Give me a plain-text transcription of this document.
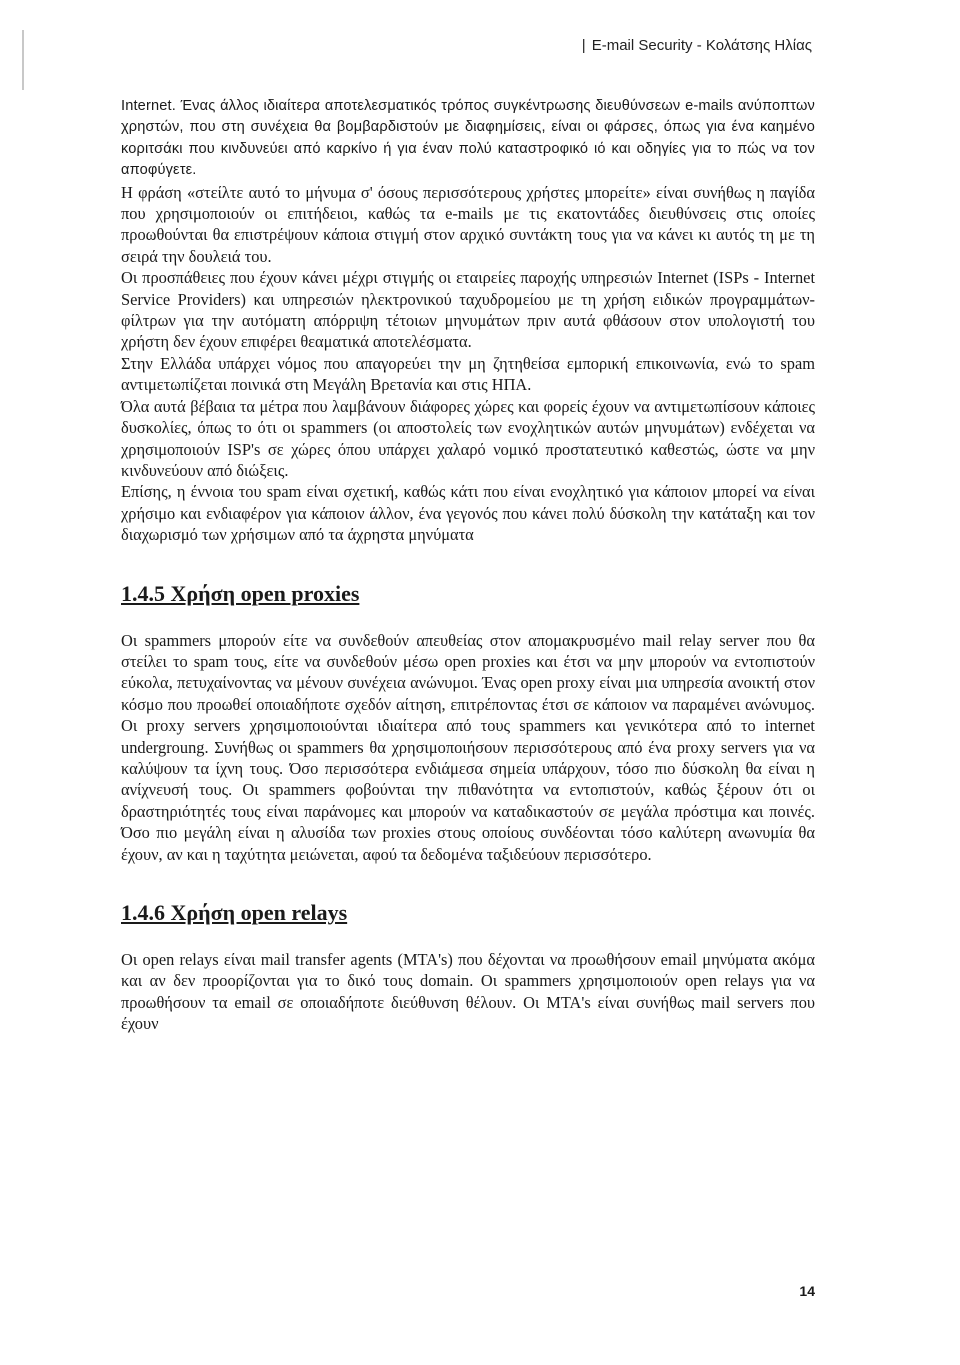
| E-mail Security - Κολάτσης Ηλίας

Internet. Ένας άλλος ιδιαίτερα αποτελεσματικός τρόπος συγκέντρωσης διευθύνσεων e-mails ανύποπτων χρηστών, που στη συνέχεια θα βομβαρδιστούν με διαφημίσεις, είναι οι φάρσες, όπως για ένα καημένο κοριτσάκι που κινδυνεύει από καρκίνο ή για έναν πολύ καταστροφικό ιό και οδηγίες για το πώς να τον αποφύγετε.

Η φράση «στείλτε αυτό το μήνυμα σ' όσους περισσότερους χρήστες μπορείτε» είναι συνήθως η παγίδα που χρησιμοποιούν οι επιτήδειοι, καθώς τα e-mails με τις εκατοντάδες διευθύνσεις στις οποίες προωθούνται θα επιστρέψουν κάποια στιγμή στον αρχικό συντάκτη τους για να κάνει κι αυτός τη με τη σειρά την δουλειά του.

Οι προσπάθειες που έχουν κάνει μέχρι στιγμής οι εταιρείες παροχής υπηρεσιών Internet (ISPs - Internet Service Providers) και υπηρεσιών ηλεκτρονικού ταχυδρομείου με τη χρήση ειδικών προγραμμάτων-φίλτρων για την αυτόματη απόρριψη τέτοιων μηνυμάτων πριν αυτά φθάσουν στον υπολογιστή του χρήστη δεν έχουν επιφέρει θεαματικά αποτελέσματα.

Στην Ελλάδα υπάρχει νόμος που απαγορεύει την μη ζητηθείσα εμπορική επικοινωνία, ενώ το spam αντιμετωπίζεται ποινικά στη Μεγάλη Βρετανία και στις ΗΠΑ.

Όλα αυτά βέβαια τα μέτρα που λαμβάνουν διάφορες χώρες και φορείς έχουν να αντιμετωπίσουν κάποιες δυσκολίες, όπως το ότι οι spammers (οι αποστολείς των ενοχλητικών αυτών μηνυμάτων) ενδέχεται να χρησιμοποιούν ISP's σε χώρες όπου υπάρχει χαλαρό νομικό προστατευτικό καθεστώς, ώστε να μην κινδυνεύουν από διώξεις.

Επίσης, η έννοια του spam είναι σχετική, καθώς κάτι που είναι ενοχλητικό για κάποιον μπορεί να είναι χρήσιμο και ενδιαφέρον για κάποιον άλλον, ένα γεγονός που κάνει πολύ δύσκολη την κατάταξη και τον διαχωρισμό των χρήσιμων από τα άχρηστα μηνύματα

1.4.5 Χρήση open proxies

Οι spammers μπορούν είτε να συνδεθούν απευθείας στον απομακρυσμένο mail relay server που θα στείλει το spam τους, είτε να συνδεθούν μέσω open proxies και έτσι να μην μπορούν να εντοπιστούν εύκολα, πετυχαίνοντας να μένουν συνέχεια ανώνυμοι. Ένας open proxy είναι μια υπηρεσία ανοικτή στον κόσμο που προωθεί οποιαδήποτε σχεδόν αίτηση, επιτρέποντας έτσι σε κάποιον να παραμένει ανώνυμος. Οι proxy servers χρησιμοποιούνται ιδιαίτερα από τους spammers και γενικότερα από το internet undergroung. Συνήθως οι spammers θα χρησιμοποιήσουν περισσότερους από ένα proxy servers για να καλύψουν τα ίχνη τους. Όσο περισσότερα ενδιάμεσα σημεία υπάρχουν, τόσο πιο δύσκολη θα είναι η ανίχνευσή τους. Οι spammers φοβούνται την πιθανότητα να εντοπιστούν, καθώς ξέρουν ότι οι δραστηριότητές τους είναι παράνομες και μπορούν να καταδικαστούν σε μεγάλα πρόστιμα και ποινές. Όσο πιο μεγάλη είναι η αλυσίδα των proxies στους οποίους συνδέονται τόσο καλύτερη ανωνυμία θα έχουν, αν και η ταχύτητα μειώνεται, αφού τα δεδομένα ταξιδεύουν περισσότερο.

1.4.6 Χρήση open relays

Οι open relays είναι mail transfer agents (MTA's) που δέχονται να προωθήσουν email μηνύματα ακόμα και αν δεν προορίζονται για το δικό τους domain. Οι spammers χρησιμοποιούν open relays για να προωθήσουν τα email σε οποιαδήποτε διεύθυνση θέλουν. Οι MTA's είναι συνήθως mail servers που έχουν

14
